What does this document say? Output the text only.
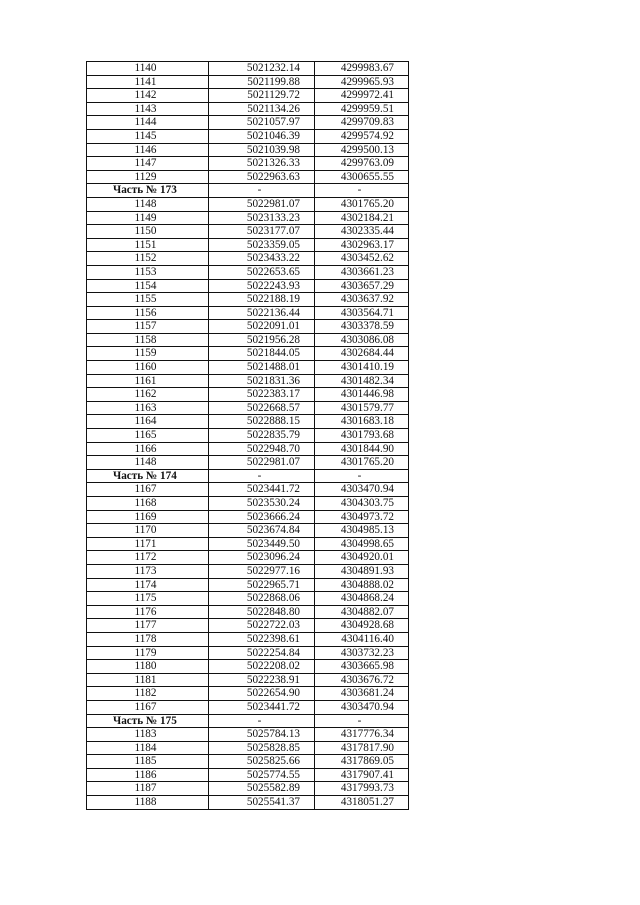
1140	5021232.14	4299983.67
1141	5021199.88	4299965.93
1142	5021129.72	4299972.41
1143	5021134.26	4299959.51
1144	5021057.97	4299709.83
1145	5021046.39	4299574.92
1146	5021039.98	4299500.13
1147	5021326.33	4299763.09
1129	5022963.63	4300655.55
Часть № 173	-	-
1148	5022981.07	4301765.20
1149	5023133.23	4302184.21
1150	5023177.07	4302335.44
1151	5023359.05	4302963.17
1152	5023433.22	4303452.62
1153	5022653.65	4303661.23
1154	5022243.93	4303657.29
1155	5022188.19	4303637.92
1156	5022136.44	4303564.71
1157	5022091.01	4303378.59
1158	5021956.28	4303086.08
1159	5021844.05	4302684.44
1160	5021488.01	4301410.19
1161	5021831.36	4301482.34
1162	5022383.17	4301446.98
1163	5022668.57	4301579.77
1164	5022888.15	4301683.18
1165	5022835.79	4301793.68
1166	5022948.70	4301844.90
1148	5022981.07	4301765.20
Часть № 174	-	-
1167	5023441.72	4303470.94
1168	5023530.24	4304303.75
1169	5023666.24	4304973.72
1170	5023674.84	4304985.13
1171	5023449.50	4304998.65
1172	5023096.24	4304920.01
1173	5022977.16	4304891.93
1174	5022965.71	4304888.02
1175	5022868.06	4304868.24
1176	5022848.80	4304882.07
1177	5022722.03	4304928.68
1178	5022398.61	4304116.40
1179	5022254.84	4303732.23
1180	5022208.02	4303665.98
1181	5022238.91	4303676.72
1182	5022654.90	4303681.24
1167	5023441.72	4303470.94
Часть № 175	-	-
1183	5025784.13	4317776.34
1184	5025828.85	4317817.90
1185	5025825.66	4317869.05
1186	5025774.55	4317907.41
1187	5025582.89	4317993.73
1188	5025541.37	4318051.27
